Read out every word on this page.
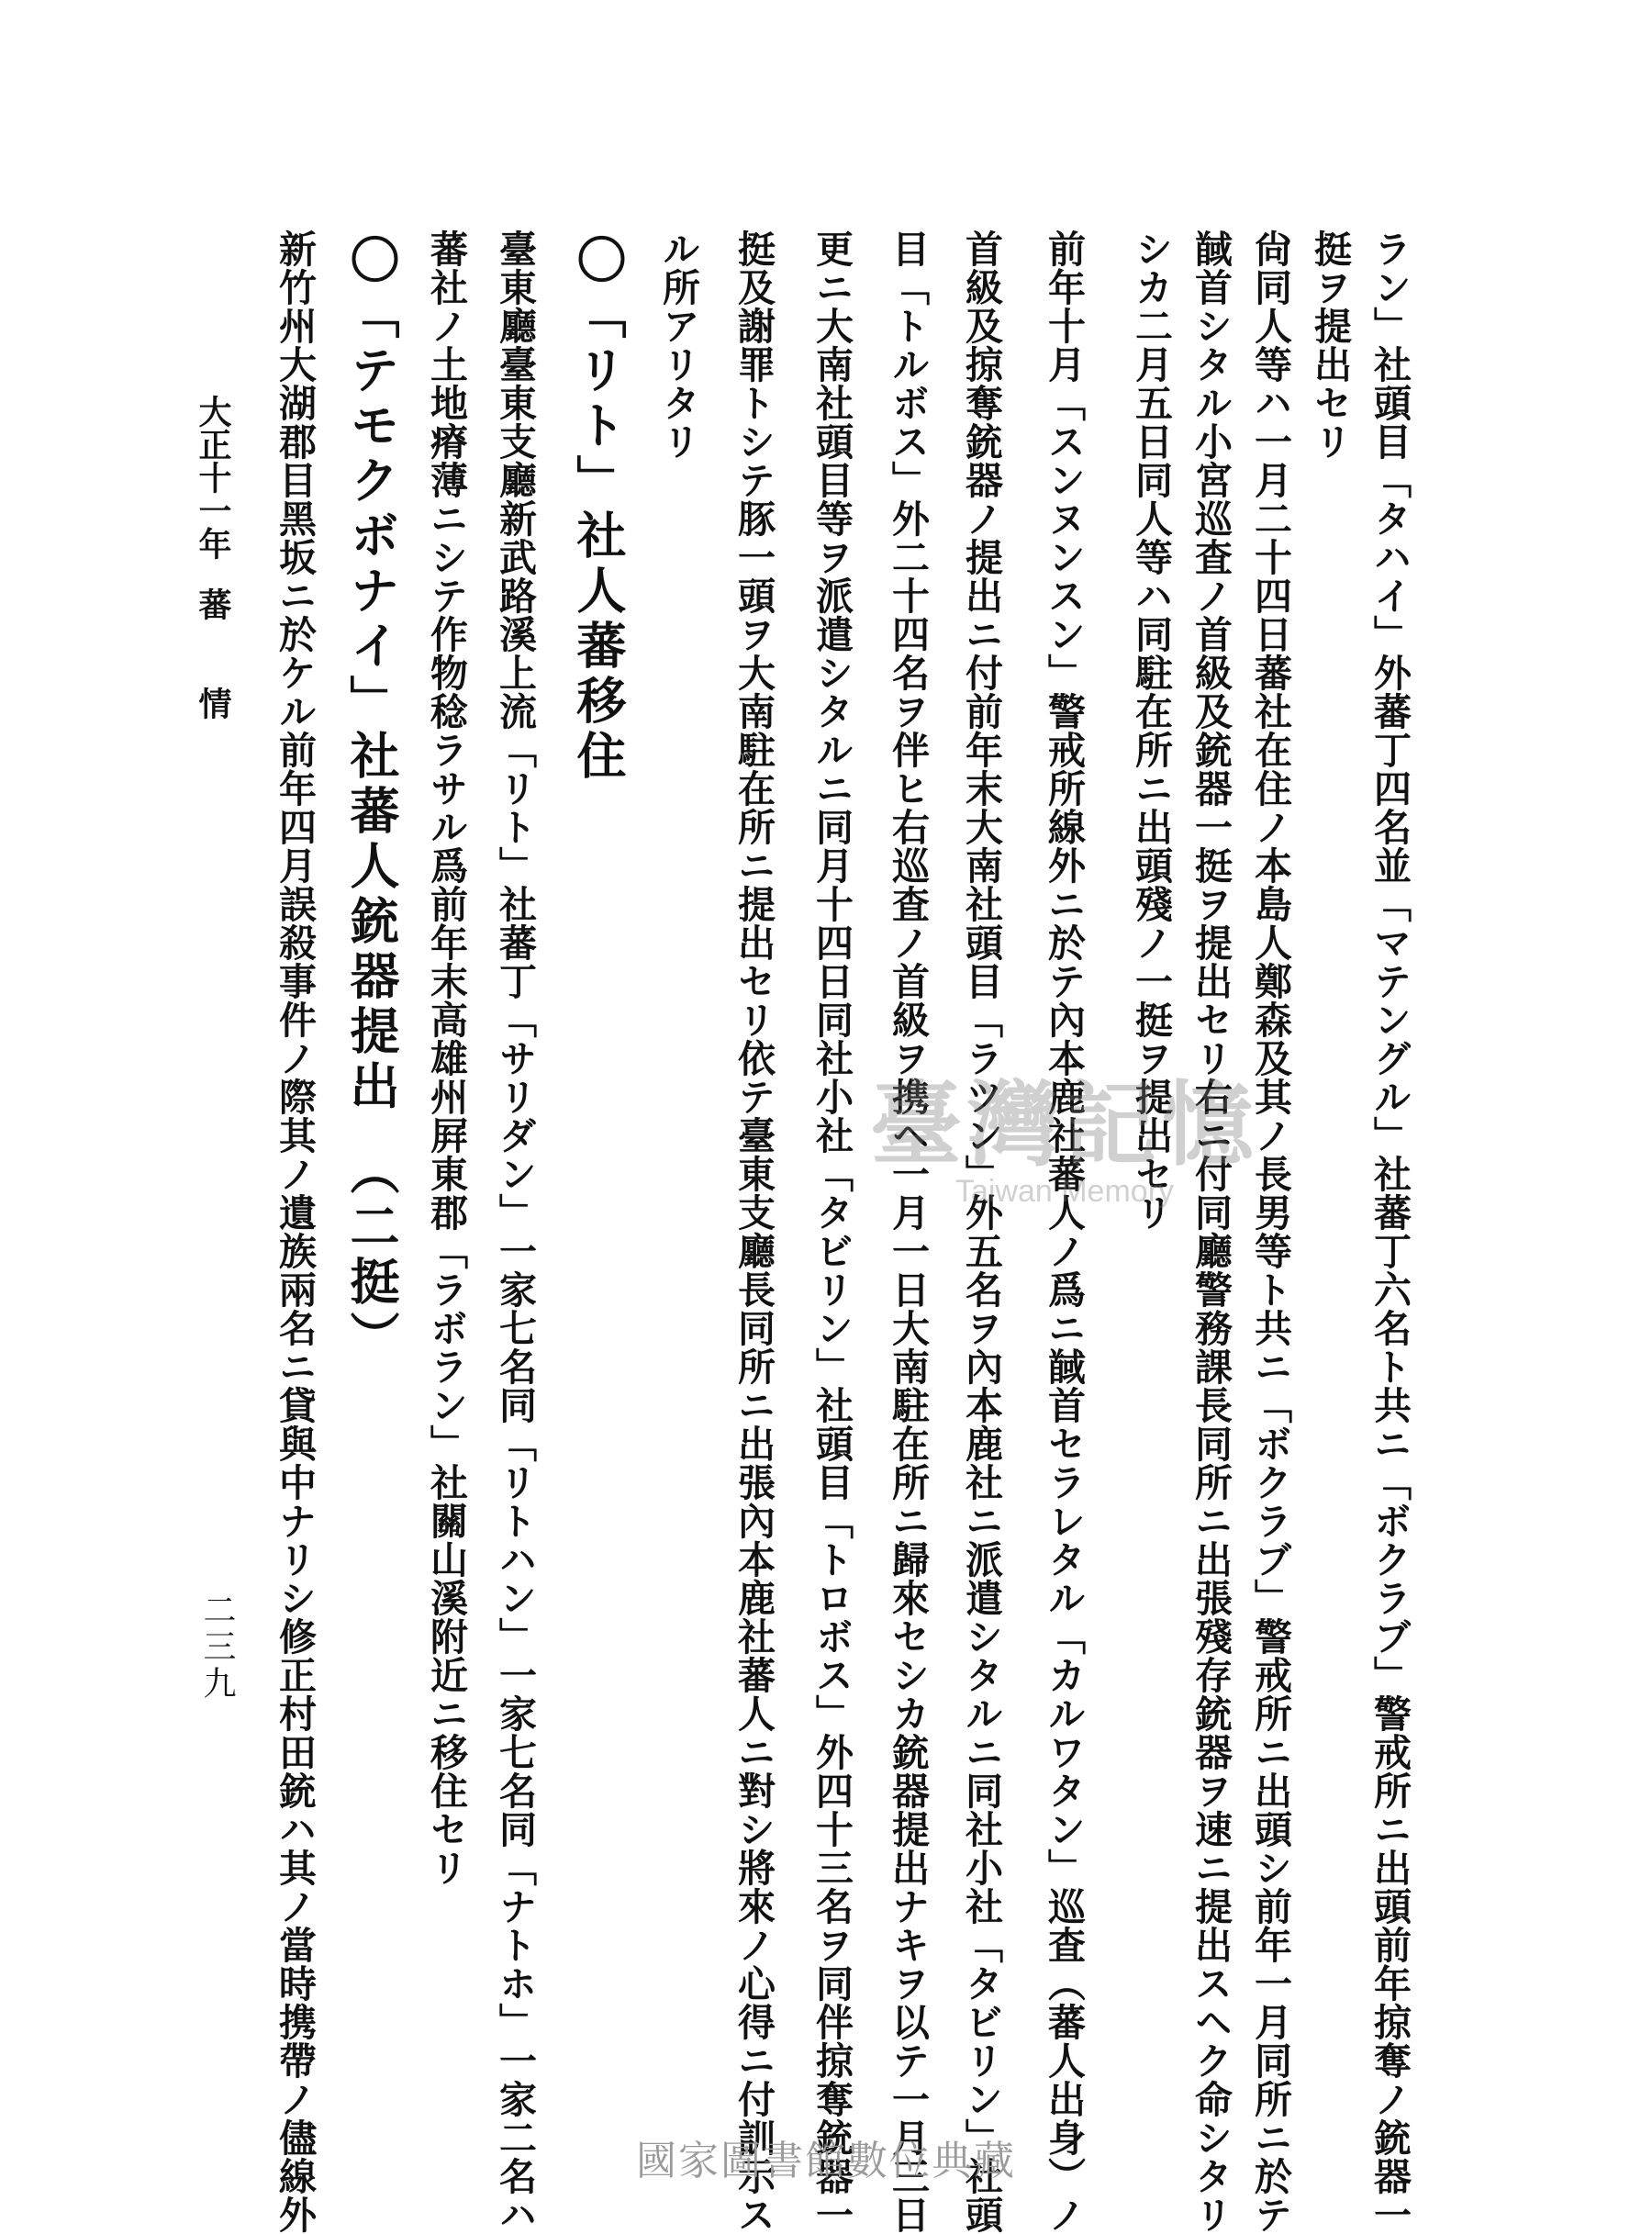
ラン」社頭目「タハイ」外蕃丁四名並「マテングル」社蕃丁六名ト共ニ「ボクラブ」警戒所ニ出頭前年掠奪ノ銃器一
挺ヲ提出セリ
尙同人等ハ一月二十四日蕃社在住ノ本島人鄭森及其ノ長男等ト共ニ「ボクラブ」警戒所ニ出頭シ前年一月同所ニ於テ
馘首シタル小宮巡査ノ首級及銃器一挺ヲ提出セリ右ニ付同廳警務課長同所ニ出張殘存銃器ヲ速ニ提出スヘク命シタリ
シカ二月五日同人等ハ同駐在所ニ出頭殘ノ一挺ヲ提出セリ
前年十月「スンヌンスン」警戒所線外ニ於テ內本鹿社蕃人ノ爲ニ馘首セラレタル「カルワタン」巡査（蕃人出身）ノ
首級及掠奪銃器ノ提出ニ付前年末大南社頭目「ラツン」外五名ヲ內本鹿社ニ派遣シタルニ同社小社「タビリン」社頭
目「トルボス」外二十四名ヲ伴ヒ右巡査ノ首級ヲ携ヘ一月一日大南駐在所ニ歸來セシカ銃器提出ナキヲ以テ一月三日
更ニ大南社頭目等ヲ派遣シタルニ同月十四日同社小社「タビリン」社頭目「トロボス」外四十三名ヲ同伴掠奪銃器一
挺及謝罪トシテ豚一頭ヲ大南駐在所ニ提出セリ依テ臺東支廳長同所ニ出張內本鹿社蕃人ニ對シ將來ノ心得ニ付訓示ス
ル所アリタリ
〇「リト」社人蕃移住
臺東廳臺東支廳新武路溪上流「リト」社蕃丁「サリダン」一家七名同「リトハン」一家七名同「ナトホ」一家二名ハ
蕃社ノ土地瘠薄ニシテ作物稔ラサル爲前年末高雄州屛東郡「ラボラン」社關山溪附近ニ移住セリ
〇「テモクボナイ」社蕃人銃器提出　（二挺）
新竹州大湖郡目黑坂ニ於ケル前年四月誤殺事件ノ際其ノ遺族兩名ニ貸與中ナリシ修正村田銃ハ其ノ當時携帶ノ儘線外
大正十一年
蕃　　情
二三九
臺灣記憶
Taiwan Memory
國家圖書館數位典藏
